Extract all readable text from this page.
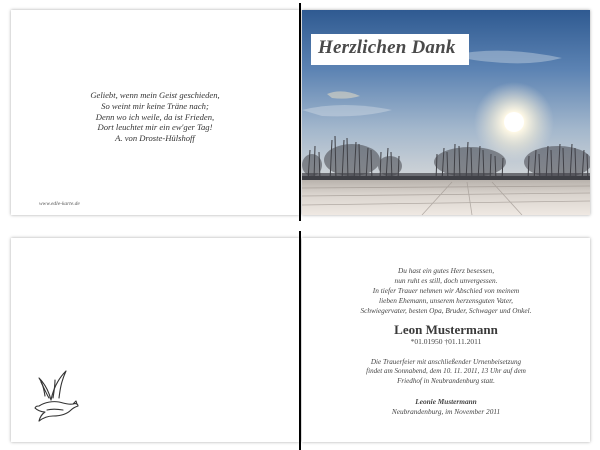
Geliebt, wenn mein Geist geschieden,
So weint mir keine Träne nach;
Denn wo ich weile, da ist Frieden,
Dort leuchtet mir ein ew'ger Tag!
A. von Droste-Hülshoff
www.edle-karte.de
Herzlichen Dank
Du hast ein gutes Herz besessen,
nun ruht es still, doch unvergessen.
In tiefer Trauer nehmen wir Abschied von meinem
lieben Ehemann, unserem herzensguten Vater,
Schwiegervater, besten Opa, Bruder, Schwager und Onkel.
Leon Mustermann
*01.01950 †01.11.2011
Die Trauerfeier mit anschließender Urnenbeisetzung
findet am Sonnabend, dem 10. 11. 2011, 13 Uhr auf dem
Friedhof in Neubrandenburg statt.
Leonie Mustermann
Neubrandenburg, im November 2011
